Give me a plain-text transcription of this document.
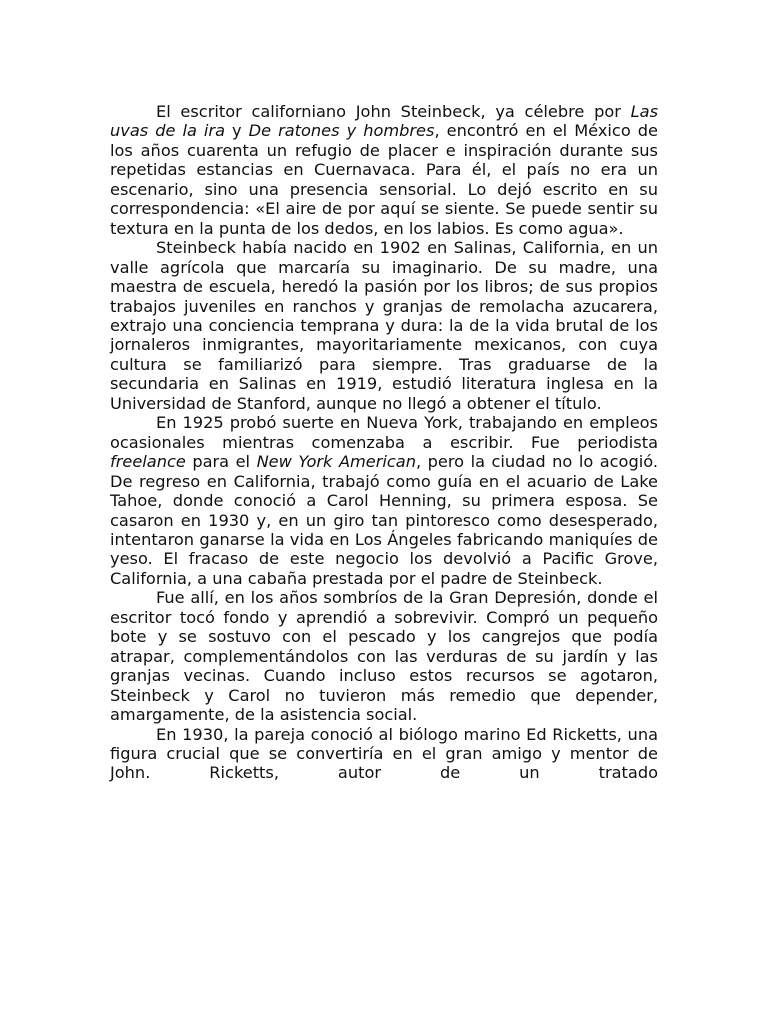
El escritor californiano John Steinbeck, ya célebre por Las uvas de la ira y De ratones y hombres, encontró en el México de los años cuarenta un refugio de placer e inspiración durante sus repetidas estancias en Cuernavaca. Para él, el país no era un escenario, sino una presencia sensorial. Lo dejó escrito en su correspondencia: «El aire de por aquí se siente. Se puede sentir su textura en la punta de los dedos, en los labios. Es como agua».

Steinbeck había nacido en 1902 en Salinas, California, en un valle agrícola que marcaría su imaginario. De su madre, una maestra de escuela, heredó la pasión por los libros; de sus propios trabajos juveniles en ranchos y granjas de remolacha azucarera, extrajo una conciencia temprana y dura: la de la vida brutal de los jornaleros inmigrantes, mayoritariamente mexicanos, con cuya cultura se familiarizó para siempre. Tras graduarse de la secundaria en Salinas en 1919, estudió literatura inglesa en la Universidad de Stanford, aunque no llegó a obtener el título.

En 1925 probó suerte en Nueva York, trabajando en empleos ocasionales mientras comenzaba a escribir. Fue periodista freelance para el New York American, pero la ciudad no lo acogió. De regreso en California, trabajó como guía en el acuario de Lake Tahoe, donde conoció a Carol Henning, su primera esposa. Se casaron en 1930 y, en un giro tan pintoresco como desesperado, intentaron ganarse la vida en Los Ángeles fabricando maniquíes de yeso. El fracaso de este negocio los devolvió a Pacific Grove, California, a una cabaña prestada por el padre de Steinbeck.

Fue allí, en los años sombríos de la Gran Depresión, donde el escritor tocó fondo y aprendió a sobrevivir. Compró un pequeño bote y se sostuvo con el pescado y los cangrejos que podía atrapar, complementándolos con las verduras de su jardín y las granjas vecinas. Cuando incluso estos recursos se agotaron, Steinbeck y Carol no tuvieron más remedio que depender, amargamente, de la asistencia social.

En 1930, la pareja conoció al biólogo marino Ed Ricketts, una figura crucial que se convertiría en el gran amigo y mentor de John. Ricketts, autor de un tratado
